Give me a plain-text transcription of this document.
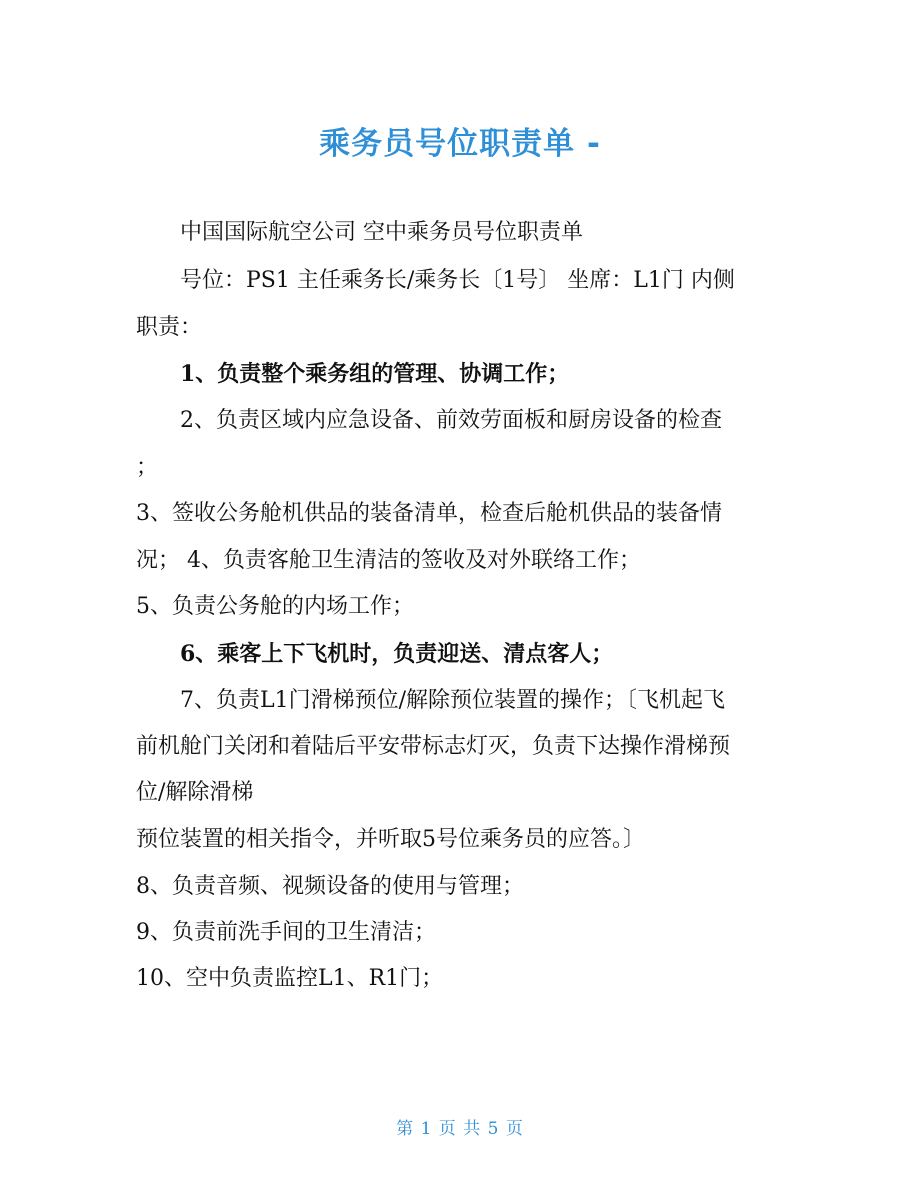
乘务员号位职责单 -
中国国际航空公司 空中乘务员号位职责单
号位：PS1 主任乘务长/乘务长〔1号〕 坐席：L1门 内侧
职责：
1、负责整个乘务组的管理、协调工作；
2、负责区域内应急设备、前效劳面板和厨房设备的检查
；
3、签收公务舱机供品的装备清单，检查后舱机供品的装备情
况； 4、负责客舱卫生清洁的签收及对外联络工作；
5、负责公务舱的内场工作；
6、乘客上下飞机时，负责迎送、清点客人；
7、负责L1门滑梯预位/解除预位装置的操作；〔飞机起飞
前机舱门关闭和着陆后平安带标志灯灭，负责下达操作滑梯预
位/解除滑梯
预位装置的相关指令，并听取5号位乘务员的应答。〕
8、负责音频、视频设备的使用与管理；
9、负责前洗手间的卫生清洁；
10、空中负责监控L1、R1门；
第 1 页 共 5 页
